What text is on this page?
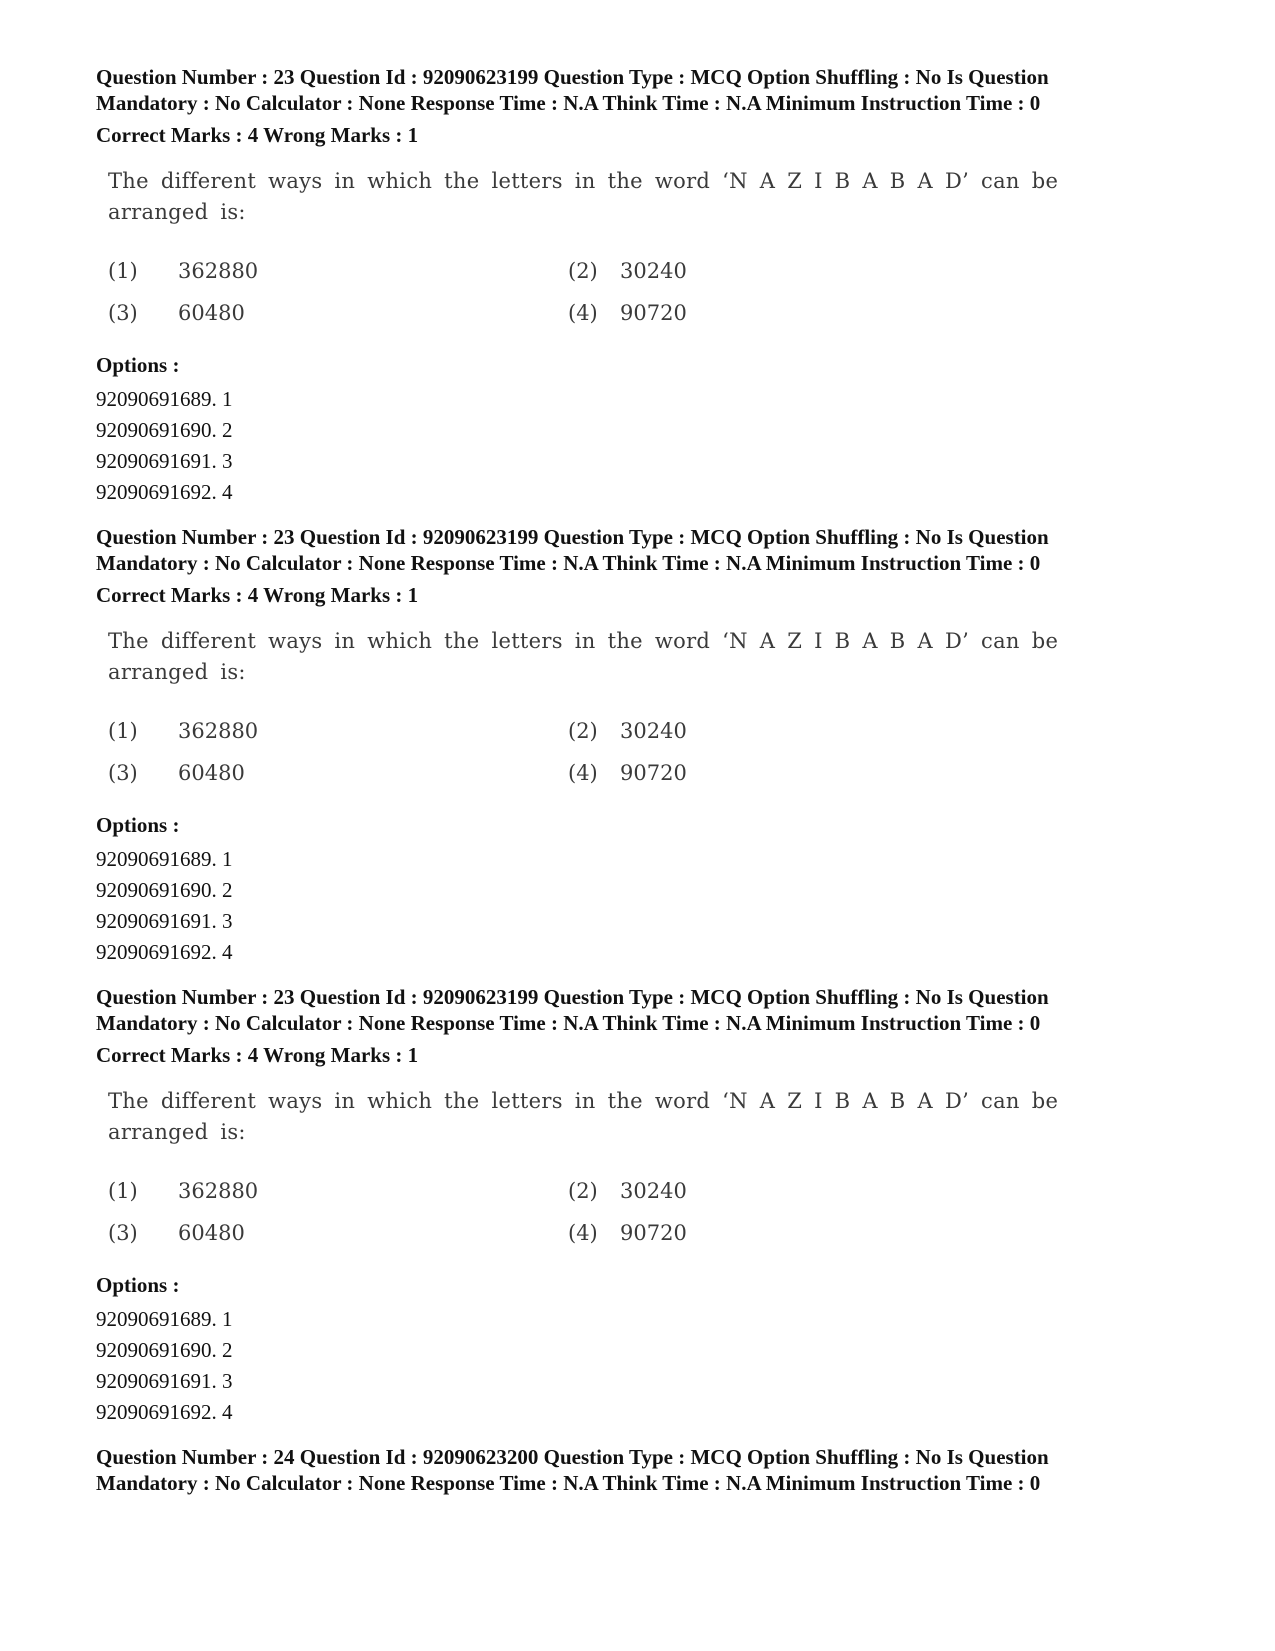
Question Number : 23 Question Id : 92090623199 Question Type : MCQ Option Shuffling : No Is Question
Mandatory : No Calculator : None Response Time : N.A Think Time : N.A Minimum Instruction Time : 0
Correct Marks : 4 Wrong Marks : 1

The different ways in which the letters in the word ‘N A Z I B A B A D’ can be arranged is:

(1) 362880	(2) 30240
(3) 60480	(4) 90720
Options :
92090691689. 1
92090691690. 2
92090691691. 3
92090691692. 4
Question Number : 23 Question Id : 92090623199 Question Type : MCQ Option Shuffling : No Is Question
Mandatory : No Calculator : None Response Time : N.A Think Time : N.A Minimum Instruction Time : 0
Correct Marks : 4 Wrong Marks : 1

The different ways in which the letters in the word ‘N A Z I B A B A D’ can be arranged is:

(1) 362880	(2) 30240
(3) 60480	(4) 90720
Options :
92090691689. 1
92090691690. 2
92090691691. 3
92090691692. 4
Question Number : 23 Question Id : 92090623199 Question Type : MCQ Option Shuffling : No Is Question
Mandatory : No Calculator : None Response Time : N.A Think Time : N.A Minimum Instruction Time : 0
Correct Marks : 4 Wrong Marks : 1

The different ways in which the letters in the word ‘N A Z I B A B A D’ can be arranged is:

(1) 362880	(2) 30240
(3) 60480	(4) 90720
Options :
92090691689. 1
92090691690. 2
92090691691. 3
92090691692. 4
Question Number : 24 Question Id : 92090623200 Question Type : MCQ Option Shuffling : No Is Question
Mandatory : No Calculator : None Response Time : N.A Think Time : N.A Minimum Instruction Time : 0
